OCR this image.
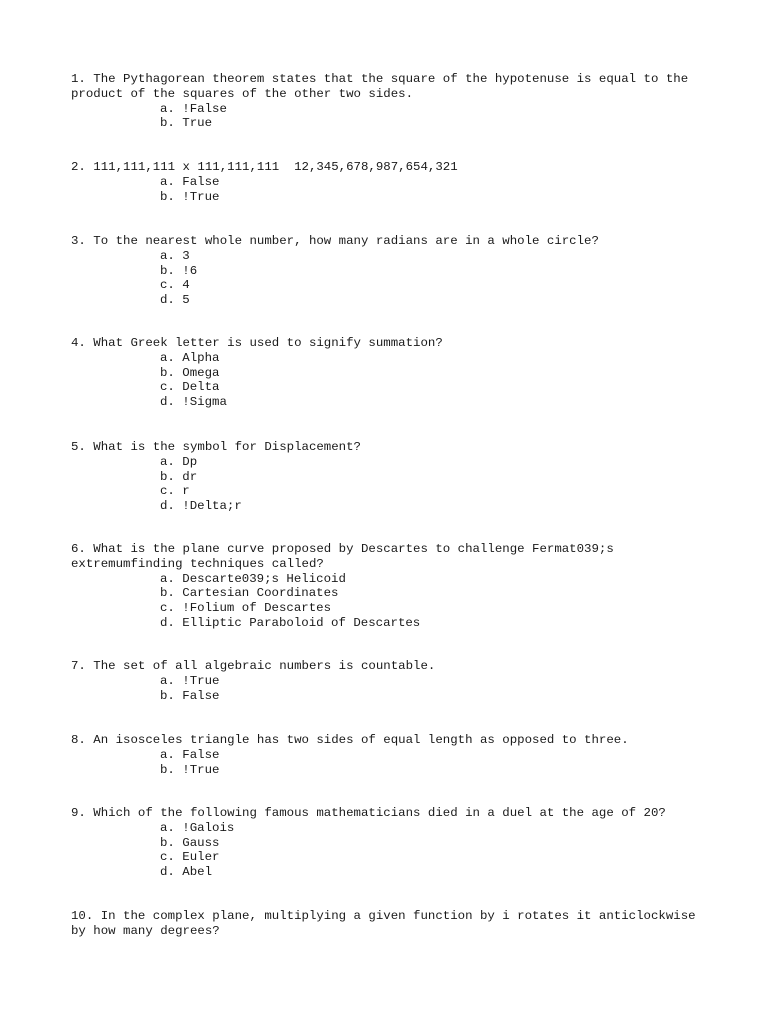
1. The Pythagorean theorem states that the square of the hypotenuse is equal to the product of the squares of the other two sides.

a. !False
b. True

2. 111,111,111 x 111,111,111  12,345,678,987,654,321

a. False
b. !True

3. To the nearest whole number, how many radians are in a whole circle?

a. 3
b. !6
c. 4
d. 5

4. What Greek letter is used to signify summation?

a. Alpha
b. Omega
c. Delta
d. !Sigma

5. What is the symbol for Displacement?

a. Dp
b. dr
c. r
d. !Delta;r

6. What is the plane curve proposed by Descartes to challenge Fermat039;s extremumfinding techniques called?

a. Descarte039;s Helicoid
b. Cartesian Coordinates
c. !Folium of Descartes
d. Elliptic Paraboloid of Descartes

7. The set of all algebraic numbers is countable.

a. !True
b. False

8. An isosceles triangle has two sides of equal length as opposed to three.

a. False
b. !True

9. Which of the following famous mathematicians died in a duel at the age of 20?

a. !Galois
b. Gauss
c. Euler
d. Abel

10. In the complex plane, multiplying a given function by i rotates it anticlockwise by how many degrees?
